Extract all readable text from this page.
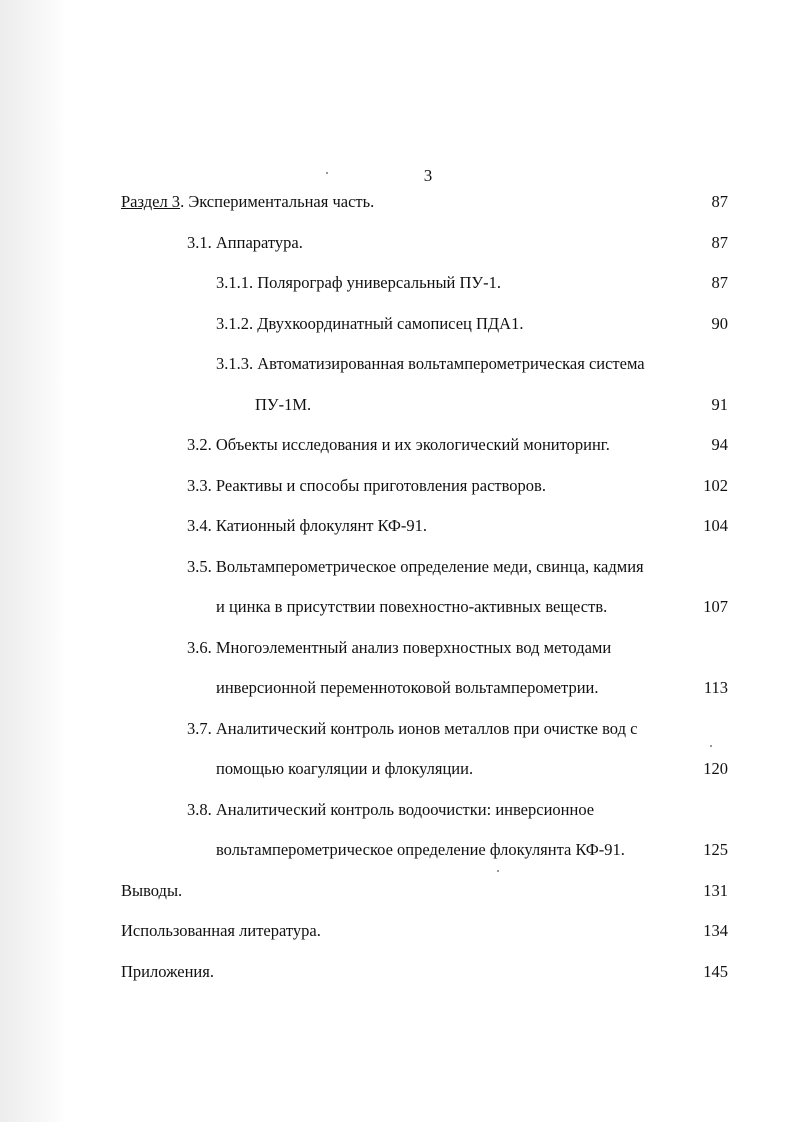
3
Раздел 3. Экспериментальная часть.	87
3.1. Аппаратура.	87
3.1.1. Полярограф универсальный ПУ-1.	87
3.1.2. Двухкоординатный самописец ПДА1.	90
3.1.3. Автоматизированная вольтамперометрическая система
ПУ-1М.	91
3.2. Объекты исследования и их экологический мониторинг.	94
3.3. Реактивы и способы приготовления растворов.	102
3.4. Катионный флокулянт КФ-91.	104
3.5. Вольтамперометрическое определение меди, свинца, кадмия
и цинка в присутствии повехностно-активных веществ.	107
3.6. Многоэлементный анализ поверхностных вод методами
инверсионной переменнотоковой вольтамперометрии.	113
3.7. Аналитический контроль ионов металлов при очистке вод с
помощью коагуляции и флокуляции.	120
3.8. Аналитический контроль водоочистки: инверсионное
вольтамперометрическое определение флокулянта КФ-91.	125
Выводы.	131
Использованная литература.	134
Приложения.	145
